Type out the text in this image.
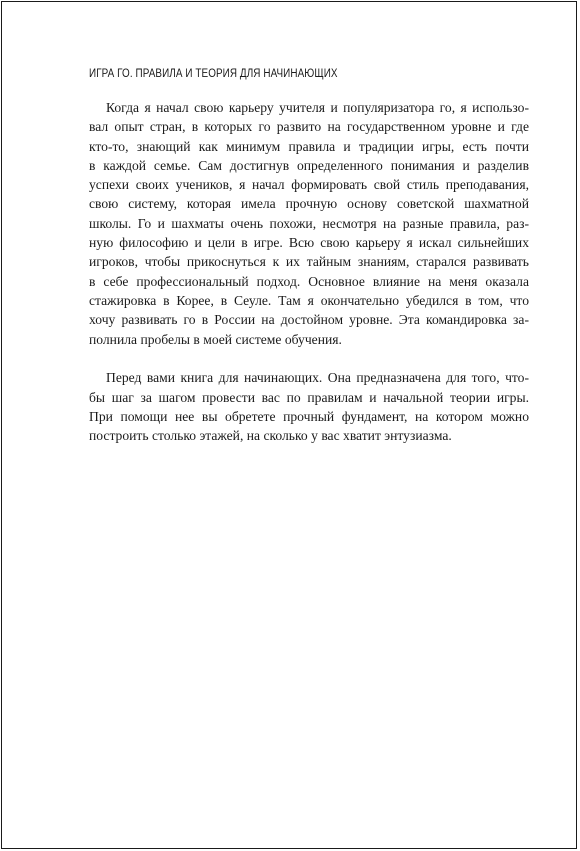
ИГРА ГО. ПРАВИЛА И ТЕОРИЯ ДЛЯ НАЧИНАЮЩИХ

Когда я начал свою карьеру учителя и популяризатора го, я использо-
вал опыт стран, в которых го развито на государственном уровне и где
кто-то, знающий как минимум правила и традиции игры, есть почти
в каждой семье. Сам достигнув определенного понимания и разделив
успехи своих учеников, я начал формировать свой стиль преподавания,
свою систему, которая имела прочную основу советской шахматной
школы. Го и шахматы очень похожи, несмотря на разные правила, раз-
ную философию и цели в игре. Всю свою карьеру я искал сильнейших
игроков, чтобы прикоснуться к их тайным знаниям, старался развивать
в себе профессиональный подход. Основное влияние на меня оказала
стажировка в Корее, в Сеуле. Там я окончательно убедился в том, что
хочу развивать го в России на достойном уровне. Эта командировка за-
полнила пробелы в моей системе обучения.

Перед вами книга для начинающих. Она предназначена для того, что-
бы шаг за шагом провести вас по правилам и начальной теории игры.
При помощи нее вы обретете прочный фундамент, на котором можно
построить столько этажей, на сколько у вас хватит энтузиазма.
